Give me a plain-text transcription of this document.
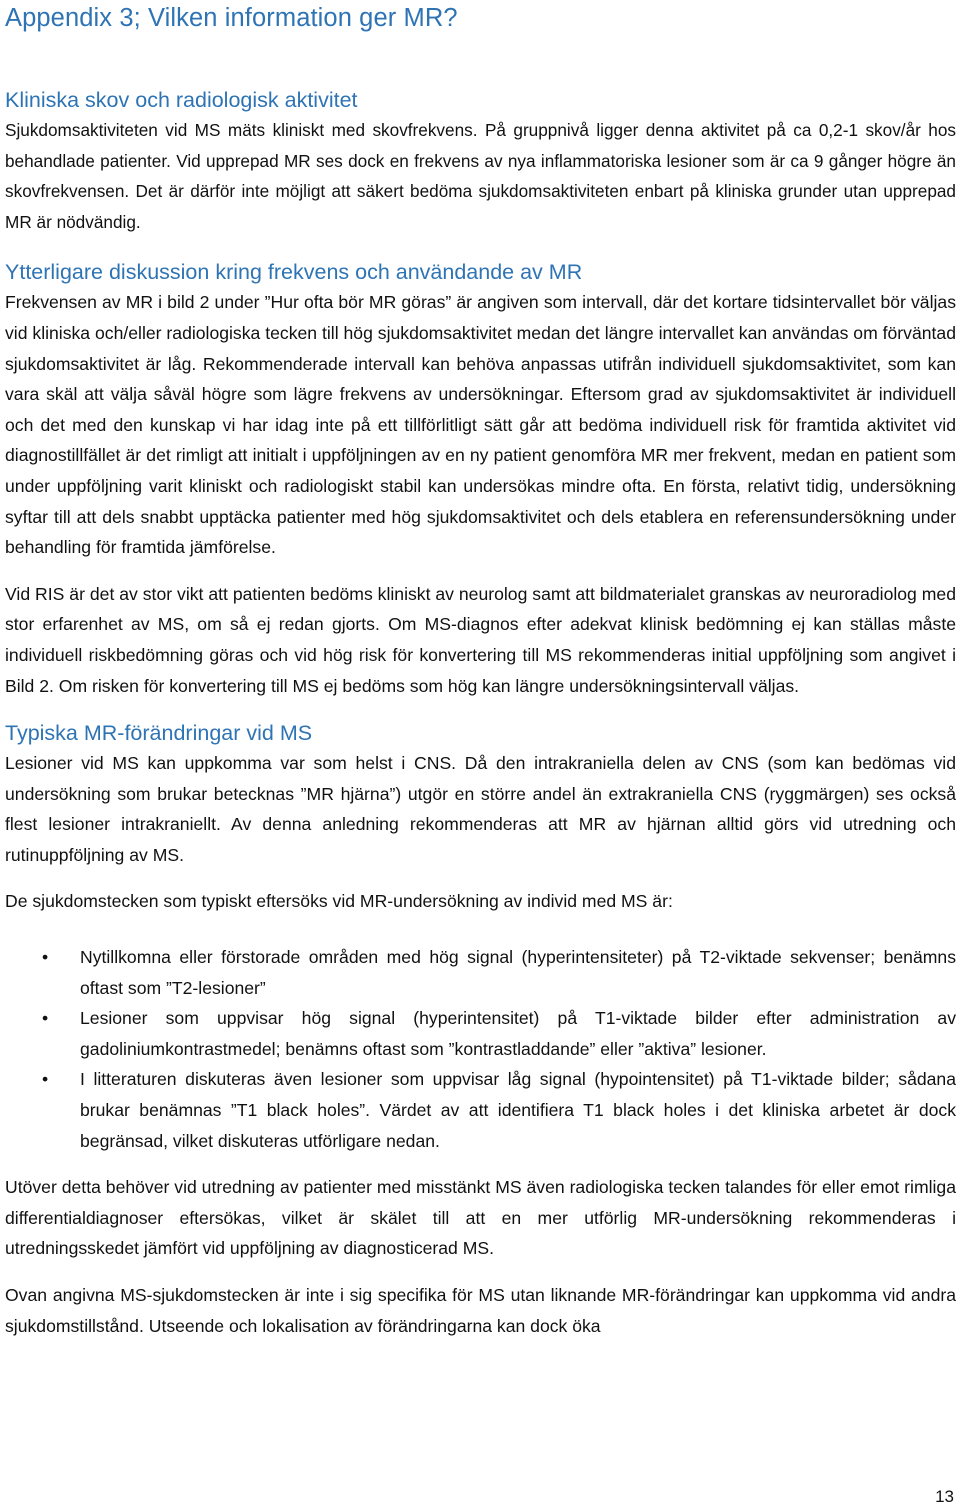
Appendix 3; Vilken information ger MR?
Kliniska skov och radiologisk aktivitet

Sjukdomsaktiviteten vid MS mäts kliniskt med skovfrekvens. På gruppnivå ligger denna aktivitet på ca 0,2-1 skov/år hos behandlade patienter. Vid upprepad MR ses dock en frekvens av nya inflammatoriska lesioner som är ca 9 gånger högre än skovfrekvensen. Det är därför inte möjligt att säkert bedöma sjukdomsaktiviteten enbart på kliniska grunder utan upprepad MR är nödvändig.

Ytterligare diskussion kring frekvens och användande av MR

Frekvensen av MR i bild 2 under ”Hur ofta bör MR göras” är angiven som intervall, där det kortare tidsintervallet bör väljas vid kliniska och/eller radiologiska tecken till hög sjukdomsaktivitet medan det längre intervallet kan användas om förväntad sjukdomsaktivitet är låg. Rekommenderade intervall kan behöva anpassas utifrån individuell sjukdomsaktivitet, som kan vara skäl att välja såväl högre som lägre frekvens av undersökningar. Eftersom grad av sjukdomsaktivitet är individuell och det med den kunskap vi har idag inte på ett tillförlitligt sätt går att bedöma individuell risk för framtida aktivitet vid diagnostillfället är det rimligt att initialt i uppföljningen av en ny patient genomföra MR mer frekvent, medan en patient som under uppföljning varit kliniskt och radiologiskt stabil kan undersökas mindre ofta. En första, relativt tidig, undersökning syftar till att dels snabbt upptäcka patienter med hög sjukdomsaktivitet och dels etablera en referensundersökning under behandling för framtida jämförelse.

Vid RIS är det av stor vikt att patienten bedöms kliniskt av neurolog samt att bildmaterialet granskas av neuroradiolog med stor erfarenhet av MS, om så ej redan gjorts. Om MS-diagnos efter adekvat klinisk bedömning ej kan ställas måste individuell riskbedömning göras och vid hög risk för konvertering till MS rekommenderas initial uppföljning som angivet i Bild 2. Om risken för konvertering till MS ej bedöms som hög kan längre undersökningsintervall väljas.

Typiska MR-förändringar vid MS

Lesioner vid MS kan uppkomma var som helst i CNS. Då den intrakraniella delen av CNS (som kan bedömas vid undersökning som brukar betecknas ”MR hjärna”) utgör en större andel än extrakraniella CNS (ryggmärgen) ses också flest lesioner intrakraniellt. Av denna anledning rekommenderas att MR av hjärnan alltid görs vid utredning och rutinuppföljning av MS.

De sjukdomstecken som typiskt eftersöks vid MR-undersökning av individ med MS är:

• Nytillkomna eller förstorade områden med hög signal (hyperintensiteter) på T2-viktade sekvenser; benämns oftast som ”T2-lesioner”
• Lesioner som uppvisar hög signal (hyperintensitet) på T1-viktade bilder efter administration av gadoliniumkontrastmedel; benämns oftast som ”kontrastladdande” eller ”aktiva” lesioner.
• I litteraturen diskuteras även lesioner som uppvisar låg signal (hypointensitet) på T1-viktade bilder; sådana brukar benämnas ”T1 black holes”. Värdet av att identifiera T1 black holes i det kliniska arbetet är dock begränsad, vilket diskuteras utförligare nedan.

Utöver detta behöver vid utredning av patienter med misstänkt MS även radiologiska tecken talandes för eller emot rimliga differentialdiagnoser eftersökas, vilket är skälet till att en mer utförlig MR-undersökning rekommenderas i utredningsskedet jämfört vid uppföljning av diagnosticerad MS.

Ovan angivna MS-sjukdomstecken är inte i sig specifika för MS utan liknande MR-förändringar kan uppkomma vid andra sjukdomstillstånd. Utseende och lokalisation av förändringarna kan dock öka

13
